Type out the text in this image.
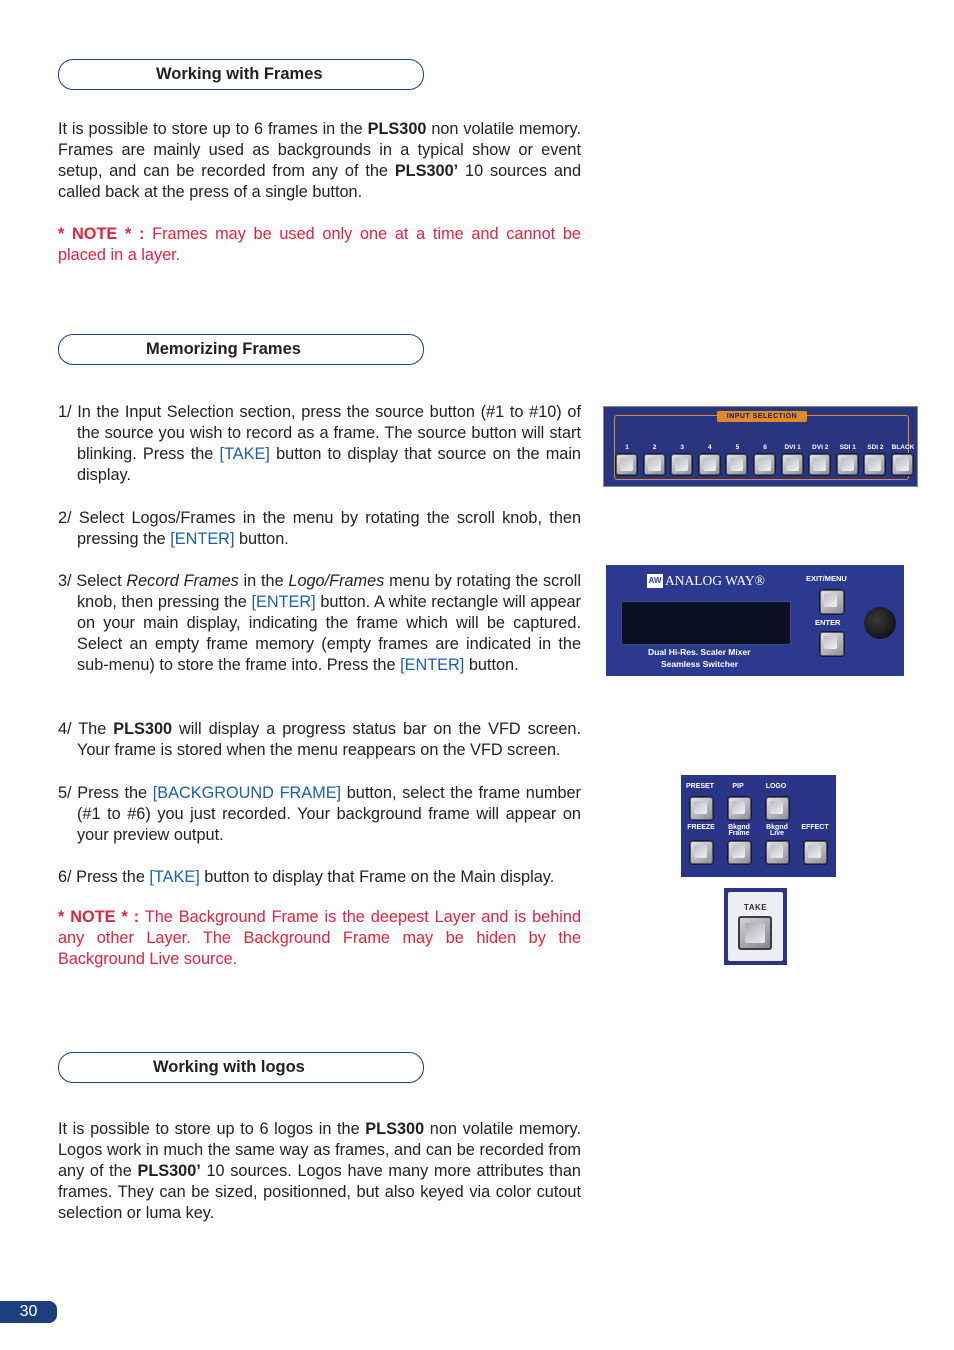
Working with Frames

It is possible to store up to 6 frames in the PLS300 non volatile memory. Frames are mainly used as backgrounds in a typical show or event setup, and can be recorded from any of the PLS300’ 10 sources and called back at the press of a single button.

* NOTE * : Frames may be used only one at a time and cannot be placed in a layer.

Memorizing Frames

1/ In the Input Selection section, press the source button (#1 to #10) of the source you wish to record as a frame. The source button will start blinking. Press the [TAKE] button to display that source on the main display.

2/ Select Logos/Frames in the menu by rotating the scroll knob, then pressing the [ENTER] button.

3/ Select Record Frames in the Logo/Frames menu by rotating the scroll knob, then pressing the [ENTER] button. A white rectangle will appear on your main display, indicating the frame which will be captured. Select an empty frame memory (empty frames are indicated in the sub-menu) to store the frame into. Press the [ENTER] button.

4/ The PLS300 will display a progress status bar on the VFD screen. Your frame is stored when the menu reappears on the VFD screen.

5/ Press the [BACKGROUND FRAME] button, select the frame number (#1 to #6) you just recorded. Your background frame will appear on your preview output.

6/ Press the [TAKE] button to display that Frame on the Main display.

* NOTE * : The Background Frame is the deepest Layer and is behind any other Layer. The Background Frame may be hiden by the Background Live source.

Working with logos

It is possible to store up to 6 logos in the PLS300 non volatile memory. Logos work in much the same way as frames, and can be recorded from any of the PLS300’ 10 sources. Logos have many more attributes than frames. They can be sized, positionned, but also keyed via color cutout selection or luma key.

INPUT SELECTION
1	2	3	4	5	6	DVI 1	DVI 2	SDI 1	SDI 2	BLACK
AW ANALOG WAY®
Dual Hi-Res. Scaler Mixer
Seamless Switcher
EXIT/MENU
ENTER
PRESET	PIP	LOGO
FREEZE	Bkgnd Frame
Bkgnd Live
EFFECT
TAKE
30
